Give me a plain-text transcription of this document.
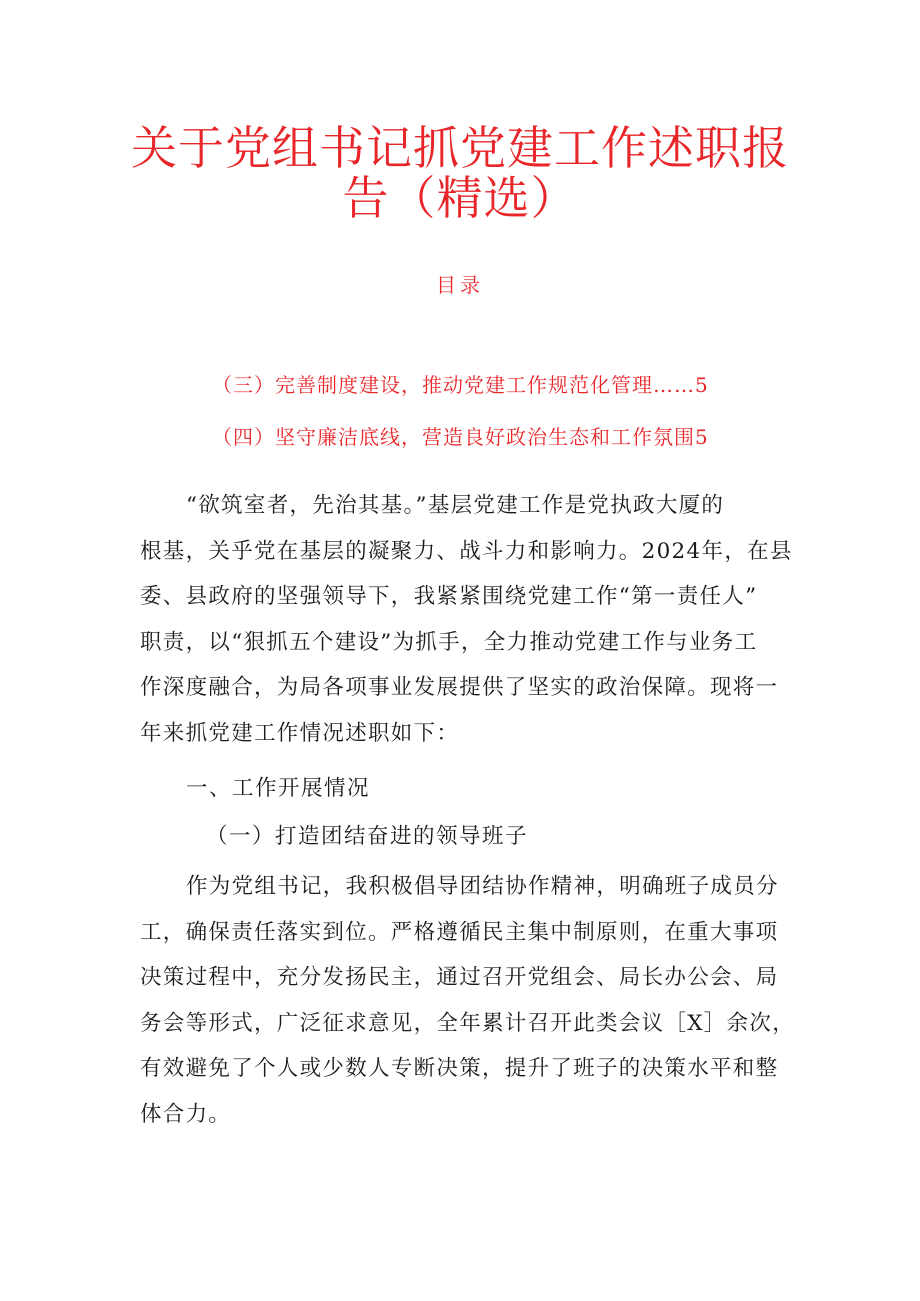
关于党组书记抓党建工作述职报
告（精选）
目录
（三）完善制度建设，推动党建工作规范化管理……5
（四）坚守廉洁底线，营造良好政治生态和工作氛围5
“欲筑室者，先治其基。”基层党建工作是党执政大厦的
根基，关乎党在基层的凝聚力、战斗力和影响力。2024年，在县
委、县政府的坚强领导下，我紧紧围绕党建工作“第一责任人”
职责，以“狠抓五个建设”为抓手，全力推动党建工作与业务工
作深度融合，为局各项事业发展提供了坚实的政治保障。现将一
年来抓党建工作情况述职如下：
一、工作开展情况
（一）打造团结奋进的领导班子
作为党组书记，我积极倡导团结协作精神，明确班子成员分
工，确保责任落实到位。严格遵循民主集中制原则，在重大事项
决策过程中，充分发扬民主，通过召开党组会、局长办公会、局
务会等形式，广泛征求意见，全年累计召开此类会议［X］余次，
有效避免了个人或少数人专断决策，提升了班子的决策水平和整
体合力。
